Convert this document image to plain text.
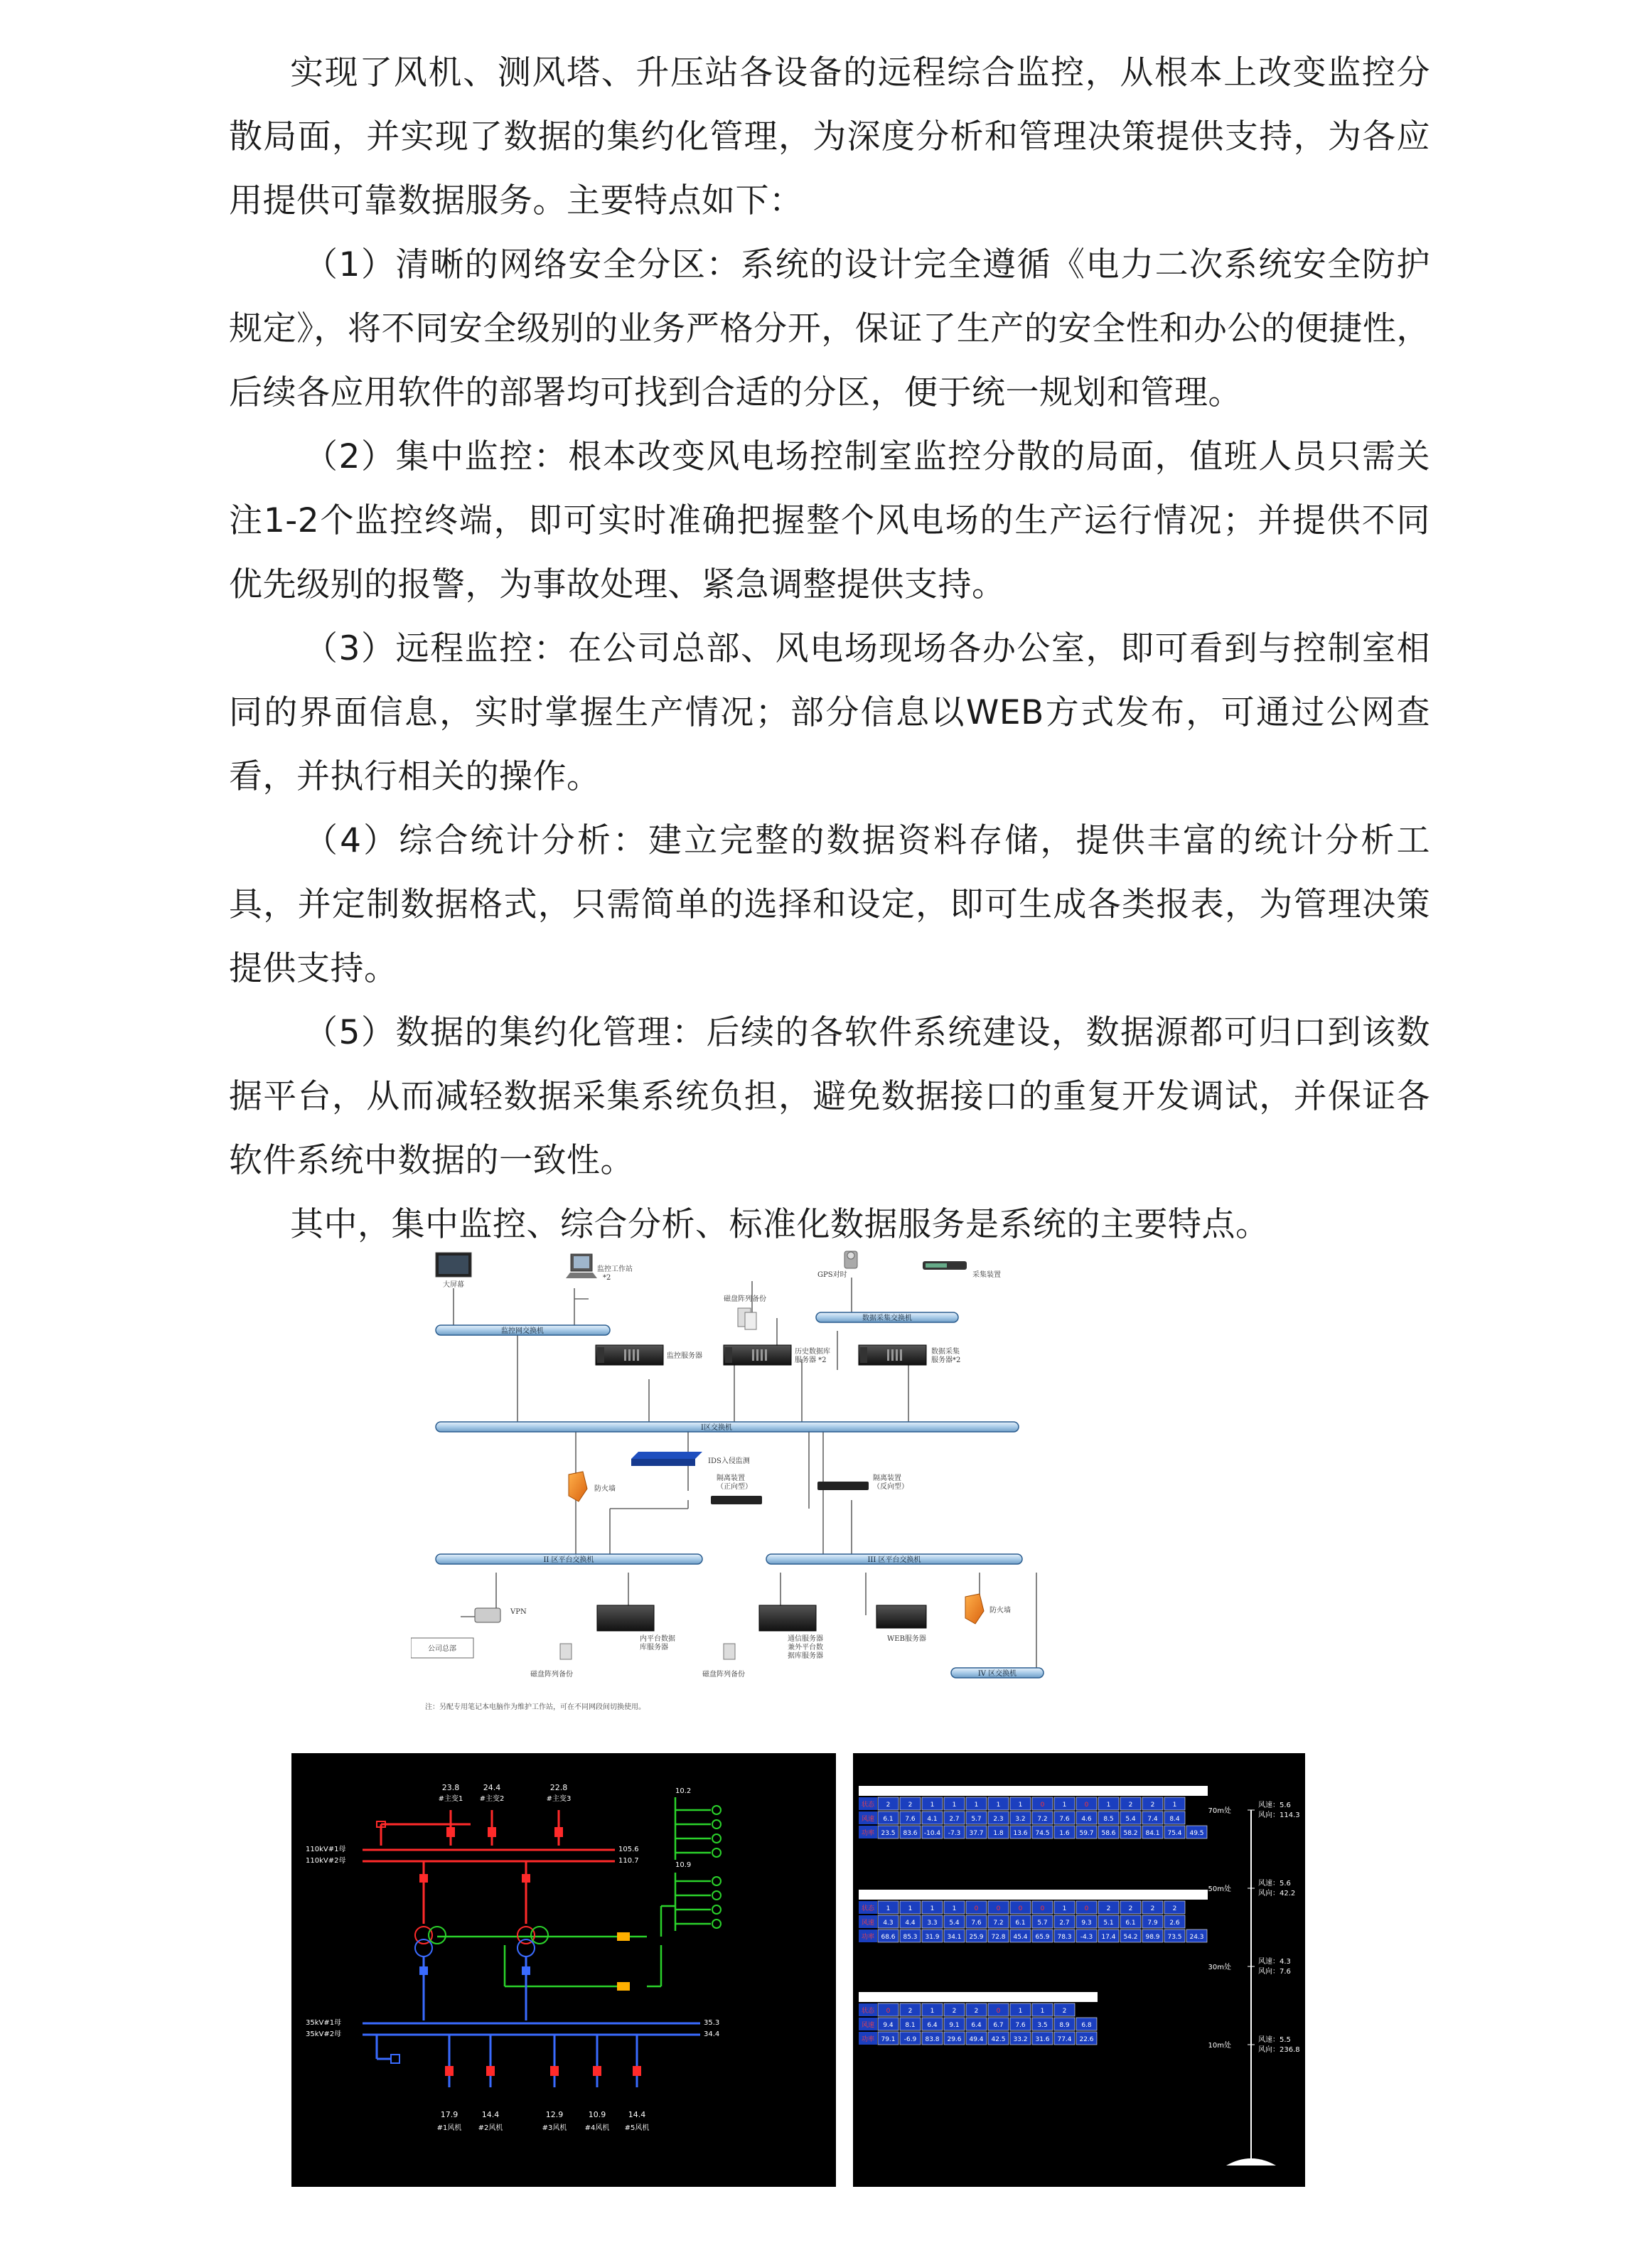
实现了风机、测风塔、升压站各设备的远程综合监控，从根本上改变监控分散局面，并实现了数据的集约化管理，为深度分析和管理决策提供支持，为各应用提供可靠数据服务。主要特点如下：

（1）清晰的网络安全分区：系统的设计完全遵循《电力二次系统安全防护规定》，将不同安全级别的业务严格分开，保证了生产的安全性和办公的便捷性，后续各应用软件的部署均可找到合适的分区，便于统一规划和管理。

（2）集中监控：根本改变风电场控制室监控分散的局面，值班人员只需关注1-2个监控终端，即可实时准确把握整个风电场的生产运行情况；并提供不同优先级别的报警，为事故处理、紧急调整提供支持。

（3）远程监控：在公司总部、风电场现场各办公室，即可看到与控制室相同的界面信息，实时掌握生产情况；部分信息以WEB方式发布，可通过公网查看，并执行相关的操作。

（4）综合统计分析：建立完整的数据资料存储，提供丰富的统计分析工具，并定制数据格式，只需简单的选择和设定，即可生成各类报表，为管理决策提供支持。

（5）数据的集约化管理：后续的各软件系统建设，数据源都可归口到该数据平台，从而减轻数据采集系统负担，避免数据接口的重复开发调试，并保证各软件系统中数据的一致性。

其中，集中监控、综合分析、标准化数据服务是系统的主要特点。

大屏幕
监控工作站
*2	GPS对时	采集装置
磁盘阵列备份
监控网交换机
数据采集交换机
监控服务器
历史数据库
服务器 *2
数据采集
服务器*2
I区交换机
IDS入侵监测
防火墙
隔离装置
（正向型）
隔离装置
（反向型）
II 区平台交换机	III 区平台交换机
VPN
公司总部
内平台数据
库服务器
磁盘阵列备份
通信服务器
兼外平台数
据库服务器
磁盘阵列备份
WEB服务器
防火墙
IV 区交换机
注：另配专用笔记本电脑作为维护工作站，可在不同网段间切换使用。
23.8
#主变1
24.4
#主变2
22.8
#主变3
110kV#1母
110kV#2母
105.6
110.7
10.2
10.9
35kV#1母
35kV#2母
35.3
34.4
17.9
#1风机
14.4
#2风机
12.9
#3风机
10.9
#4风机
14.4
#5风机
状态 2	2	1	1	1	1	1	0	1	0	1	2	2	1
风速 6.1 7.6 4.1 2.7 5.7 2.3 3.2 7.2 7.6 4.6 8.5 5.4 7.4 8.4
功率 23.5 83.6 -10.4 -7.3 37.7 1.8 13.6 74.5 1.6 59.7 58.6 58.2 84.1 75.4 49.5
状态 1	1	1	1	0	0	0	0	1	0	2	2	2	2
风速 4.3 4.4 3.3 5.4 7.6 7.2 6.1 5.7 2.7 9.3 5.1 6.1 7.9 2.6
功率 68.6 85.3 31.9 34.1 25.9 72.8 45.4 65.9 78.3 -4.3 17.4 54.2 98.9 73.5 24.3
状态 0	2	1	2	2	0	1	1	2
风速 9.4 8.1 6.4 9.1 6.4 6.7 7.6 3.5 8.9 6.8
功率 79.1 -6.9 83.8 29.6 49.4 42.5 33.2 31.6 77.4 22.6
70m处
风速：5.6
风向：114.3
50m处
风速：5.6
风向：42.2
30m处
风速：4.3
风向：7.6
10m处
风速：5.5
风向：236.8
